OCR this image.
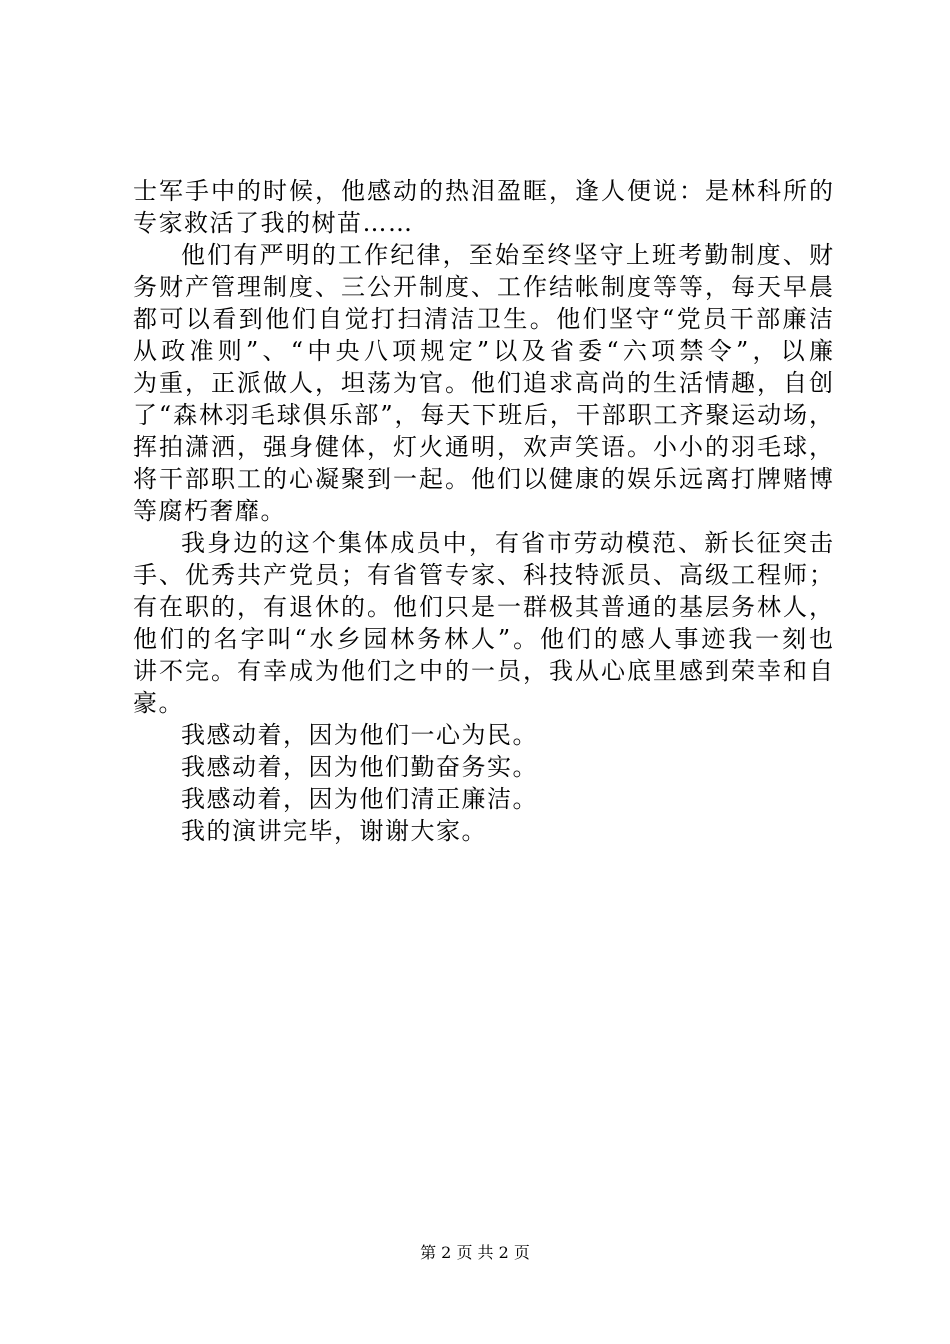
士军手中的时候，他感动的热泪盈眶，逢人便说：是林科所的
专家救活了我的树苗……
他们有严明的工作纪律，至始至终坚守上班考勤制度、财
务财产管理制度、三公开制度、工作结帐制度等等，每天早晨
都可以看到他们自觉打扫清洁卫生。他们坚守“党员干部廉洁
从政准则”、“中央八项规定”以及省委“六项禁令”，以廉
为重，正派做人，坦荡为官。他们追求高尚的生活情趣，自创
了“森林羽毛球俱乐部”，每天下班后，干部职工齐聚运动场，
挥拍潇洒，强身健体，灯火通明，欢声笑语。小小的羽毛球，
将干部职工的心凝聚到一起。他们以健康的娱乐远离打牌赌博
等腐朽奢靡。
我身边的这个集体成员中，有省市劳动模范、新长征突击
手、优秀共产党员；有省管专家、科技特派员、高级工程师；
有在职的，有退休的。他们只是一群极其普通的基层务林人，
他们的名字叫“水乡园林务林人”。他们的感人事迹我一刻也
讲不完。有幸成为他们之中的一员，我从心底里感到荣幸和自
豪。
我感动着，因为他们一心为民。
我感动着，因为他们勤奋务实。
我感动着，因为他们清正廉洁。
我的演讲完毕，谢谢大家。
第 2 页 共 2 页
